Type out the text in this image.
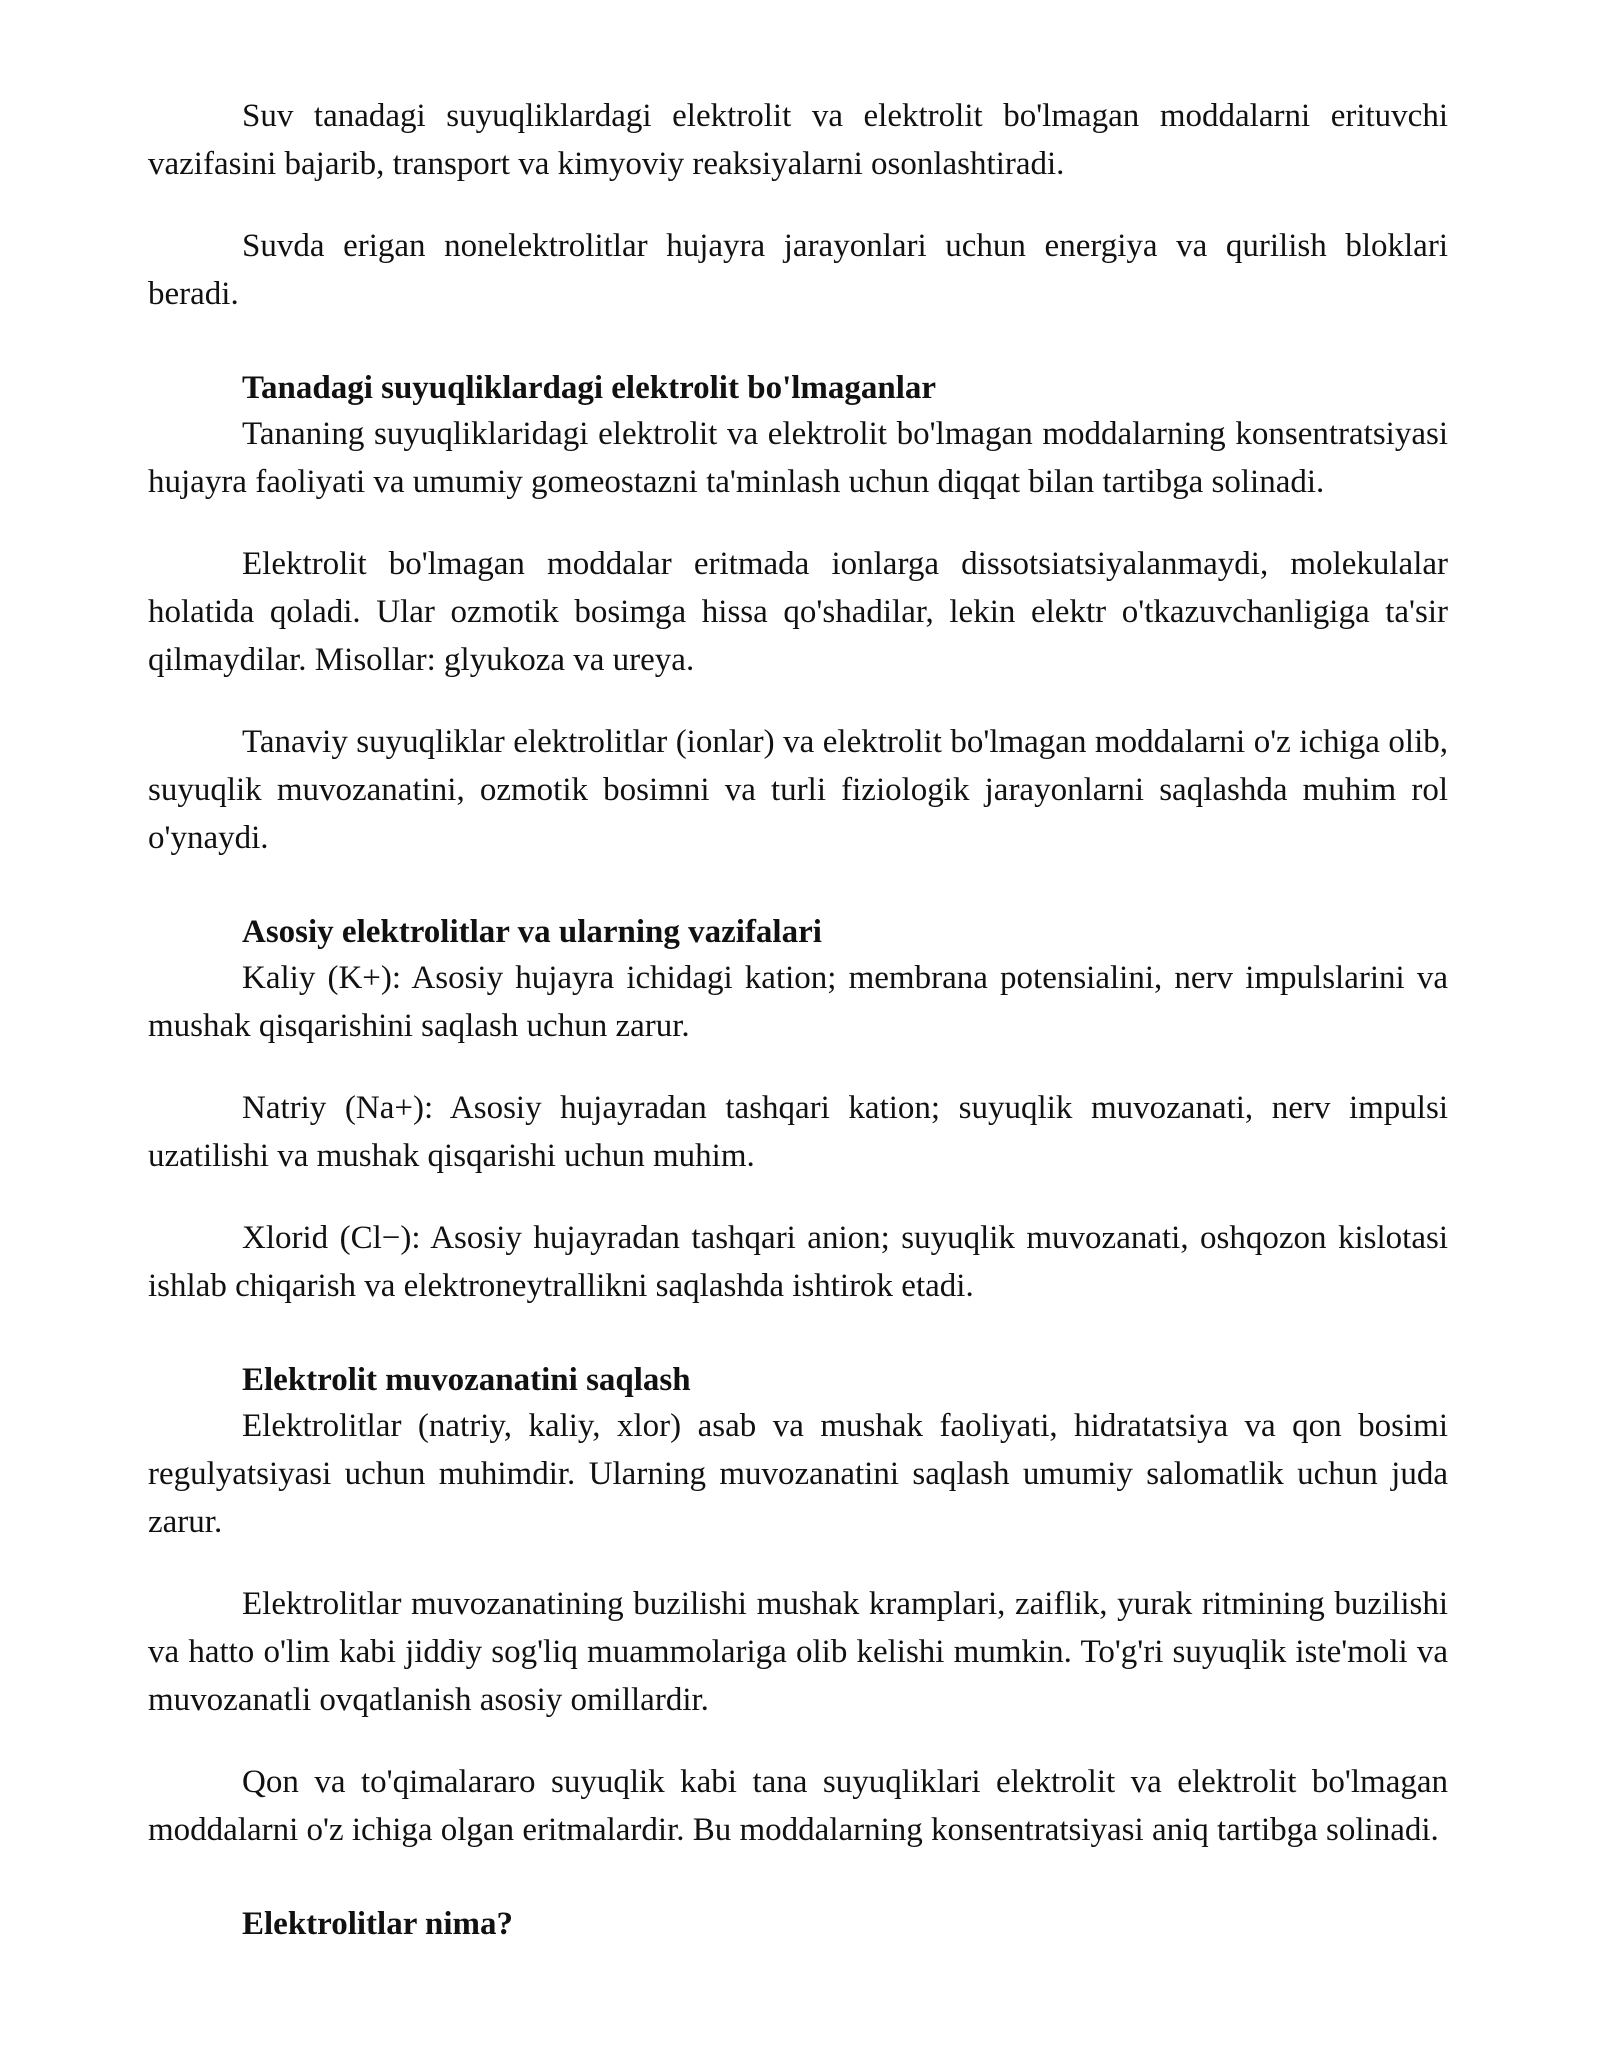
Suv tanadagi suyuqliklardagi elektrolit va elektrolit bo'lmagan moddalarni erituvchi vazifasini bajarib, transport va kimyoviy reaksiyalarni osonlashtiradi.

Suvda erigan nonelektrolitlar hujayra jarayonlari uchun energiya va qurilish bloklari beradi.

Tanadagi suyuqliklardagi elektrolit bo'lmaganlar

Tananing suyuqliklaridagi elektrolit va elektrolit bo'lmagan moddalarning konsentratsiyasi hujayra faoliyati va umumiy gomeostazni ta'minlash uchun diqqat bilan tartibga solinadi.

Elektrolit bo'lmagan moddalar eritmada ionlarga dissotsiatsiyalanmaydi, molekulalar holatida qoladi. Ular ozmotik bosimga hissa qo'shadilar, lekin elektr o'tkazuvchanligiga ta'sir qilmaydilar. Misollar: glyukoza va ureya.

Tanaviy suyuqliklar elektrolitlar (ionlar) va elektrolit bo'lmagan moddalarni o'z ichiga olib, suyuqlik muvozanatini, ozmotik bosimni va turli fiziologik jarayonlarni saqlashda muhim rol o'ynaydi.

Asosiy elektrolitlar va ularning vazifalari

Kaliy (K+): Asosiy hujayra ichidagi kation; membrana potensialini, nerv impulslarini va mushak qisqarishini saqlash uchun zarur.

Natriy (Na+): Asosiy hujayradan tashqari kation; suyuqlik muvozanati, nerv impulsi uzatilishi va mushak qisqarishi uchun muhim.

Xlorid (Cl−): Asosiy hujayradan tashqari anion; suyuqlik muvozanati, oshqozon kislotasi ishlab chiqarish va elektroneytrallikni saqlashda ishtirok etadi.

Elektrolit muvozanatini saqlash

Elektrolitlar (natriy, kaliy, xlor) asab va mushak faoliyati, hidratatsiya va qon bosimi regulyatsiyasi uchun muhimdir. Ularning muvozanatini saqlash umumiy salomatlik uchun juda zarur.

Elektrolitlar muvozanatining buzilishi mushak kramplari, zaiflik, yurak ritmining buzilishi va hatto o'lim kabi jiddiy sog'liq muammolariga olib kelishi mumkin. To'g'ri suyuqlik iste'moli va muvozanatli ovqatlanish asosiy omillardir.

Qon va to'qimalararo suyuqlik kabi tana suyuqliklari elektrolit va elektrolit bo'lmagan moddalarni o'z ichiga olgan eritmalardir. Bu moddalarning konsentratsiyasi aniq tartibga solinadi.

Elektrolitlar nima?
